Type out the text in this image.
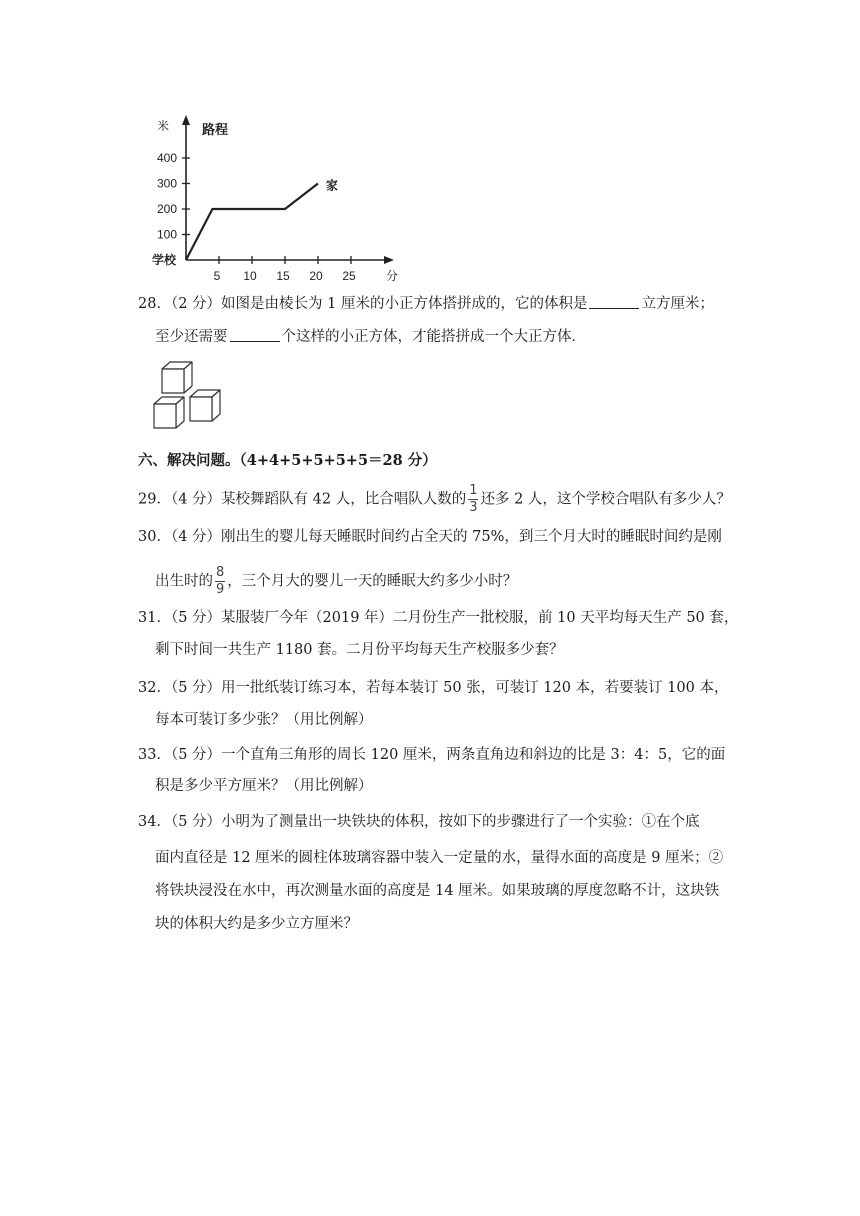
100
200
300
400
5 10 15 20 25
米	路程
分
学校
家
28．（2 分）如图是由棱长为 1 厘米的小正方体搭拼成的，它的体积是	立方厘米；
至少还需要	个这样的小正方体，才能搭拼成一个大正方体．
六、解决问题。（4+4+5+5+5+5＝28 分）
29．（4 分）某校舞蹈队有 42 人，比合唱队人数的 $\frac{1}{3}$ 还多 2 人，这个学校合唱队有多少人？
30．（4 分）刚出生的婴儿每天睡眠时间约占全天的 75%，到三个月大时的睡眠时间约是刚
出生时的 $\frac{8}{9}$ ，三个月大的婴儿一天的睡眠大约多少小时？
31．（5 分）某服装厂今年（2019 年）二月份生产一批校服，前 10 天平均每天生产 50 套，
剩下时间一共生产 1180 套。二月份平均每天生产校服多少套？
32．（5 分）用一批纸装订练习本，若每本装订 50 张，可装订 120 本，若要装订 100 本，
每本可装订多少张？（用比例解）
33．（5 分）一个直角三角形的周长 120 厘米，两条直角边和斜边的比是 3：4：5，它的面
积是多少平方厘米？（用比例解）
34．（5 分）小明为了测量出一块铁块的体积，按如下的步骤进行了一个实验：①在个底
面内直径是 12 厘米的圆柱体玻璃容器中装入一定量的水，量得水面的高度是 9 厘米；②
将铁块浸没在水中，再次测量水面的高度是 14 厘米。如果玻璃的厚度忽略不计，这块铁
块的体积大约是多少立方厘米？
